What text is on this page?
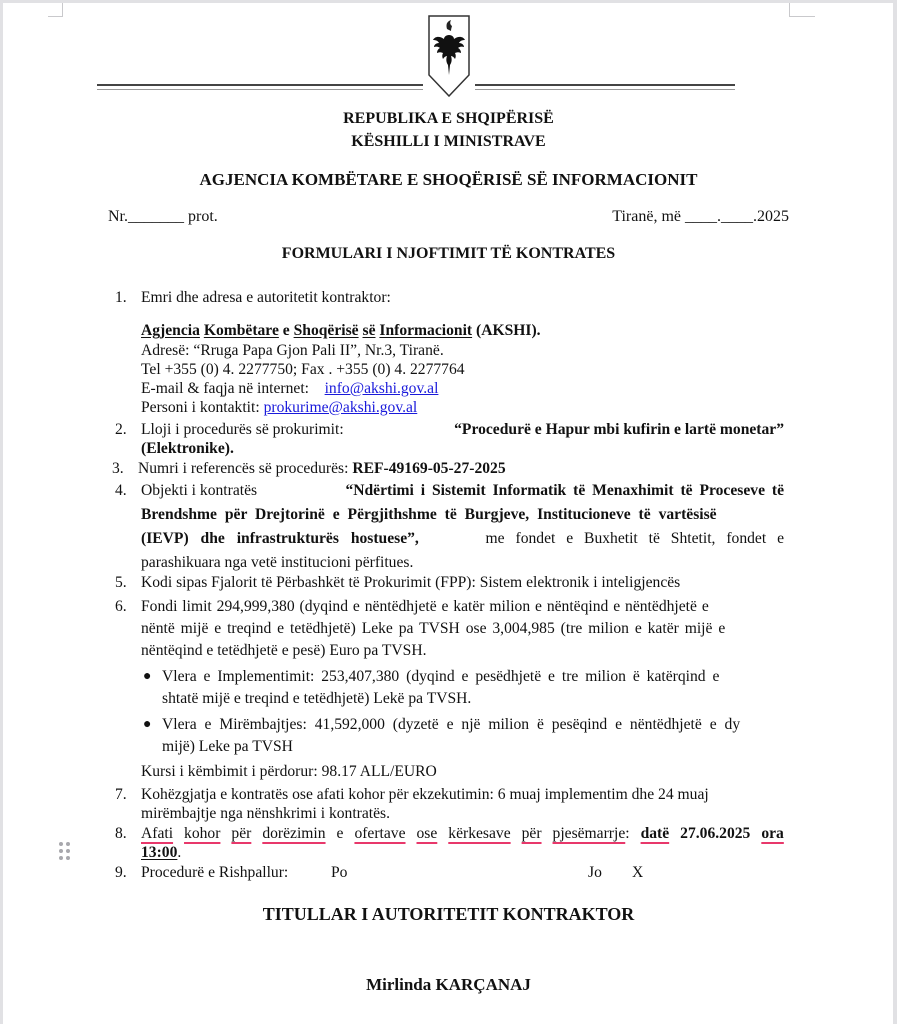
REPUBLIKA E SHQIPËRISË
KËSHILLI I MINISTRAVE
AGJENCIA KOMBËTARE E SHOQËRISË SË INFORMACIONIT
Nr._______ prot.	Tiranë, më ____.____.2025
FORMULARI I NJOFTIMIT TË KONTRATES
1. Emri dhe adresa e autoritetit kontraktor:
Agjencia Kombëtare e Shoqërisë së Informacionit (AKSHI).
Adresë: “Rruga Papa Gjon Pali II”, Nr.3, Tiranë.
Tel +355 (0) 4. 2277750; Fax . +355 (0) 4. 2277764
E-mail & faqja në internet: info@akshi.gov.al
Personi i kontaktit: prokurime@akshi.gov.al
2. Lloji i procedurës së prokurimit:	“Procedurë e Hapur mbi kufirin e lartë monetar”
(Elektronike).
3. Numri i referencës së procedurës: REF-49169-05-27-2025
4. Objekti i kontratës	“Ndërtimi i Sistemit Informatik të Menaxhimit të Proceseve të
Brendshme për Drejtorinë e Përgjithshme të Burgjeve, Institucioneve të vartësisë
(IEVP) dhe infrastrukturës hostuese”,	me fondet e Buxhetit të Shtetit, fondet e
parashikuara nga vetë institucioni përfitues.
5. Kodi sipas Fjalorit të Përbashkët të Prokurimit (FPP): Sistem elektronik i inteligjencës
6. Fondi limit 294,999,380 (dyqind e nëntëdhjetë e katër milion e nëntëqind e nëntëdhjetë e
nëntë mijë e treqind e tetëdhjetë) Leke pa TVSH ose 3,004,985 (tre milion e katër mijë e
nëntëqind e tetëdhjetë e pesë) Euro pa TVSH.
● Vlera e Implementimit: 253,407,380 (dyqind e pesëdhjetë e tre milion ë katërqind e
shtatë mijë e treqind e tetëdhjetë) Lekë pa TVSH.
● Vlera e Mirëmbajtjes: 41,592,000 (dyzetë e një milion ë pesëqind e nëntëdhjetë e dy
mijë) Leke pa TVSH
Kursi i këmbimit i përdorur: 98.17 ALL/EURO
7. Kohëzgjatja e kontratës ose afati kohor për ekzekutimin: 6 muaj implementim dhe 24 muaj
mirëmbajtje nga nënshkrimi i kontratës.
8. Afati kohor për dorëzimin e ofertave ose kërkesave për pjesëmarrje: datë 27.06.2025 ora
13:00.
9. Procedurë e Rishpallur:	Po	Jo X
TITULLAR I AUTORITETIT KONTRAKTOR
Mirlinda KARÇANAJ
